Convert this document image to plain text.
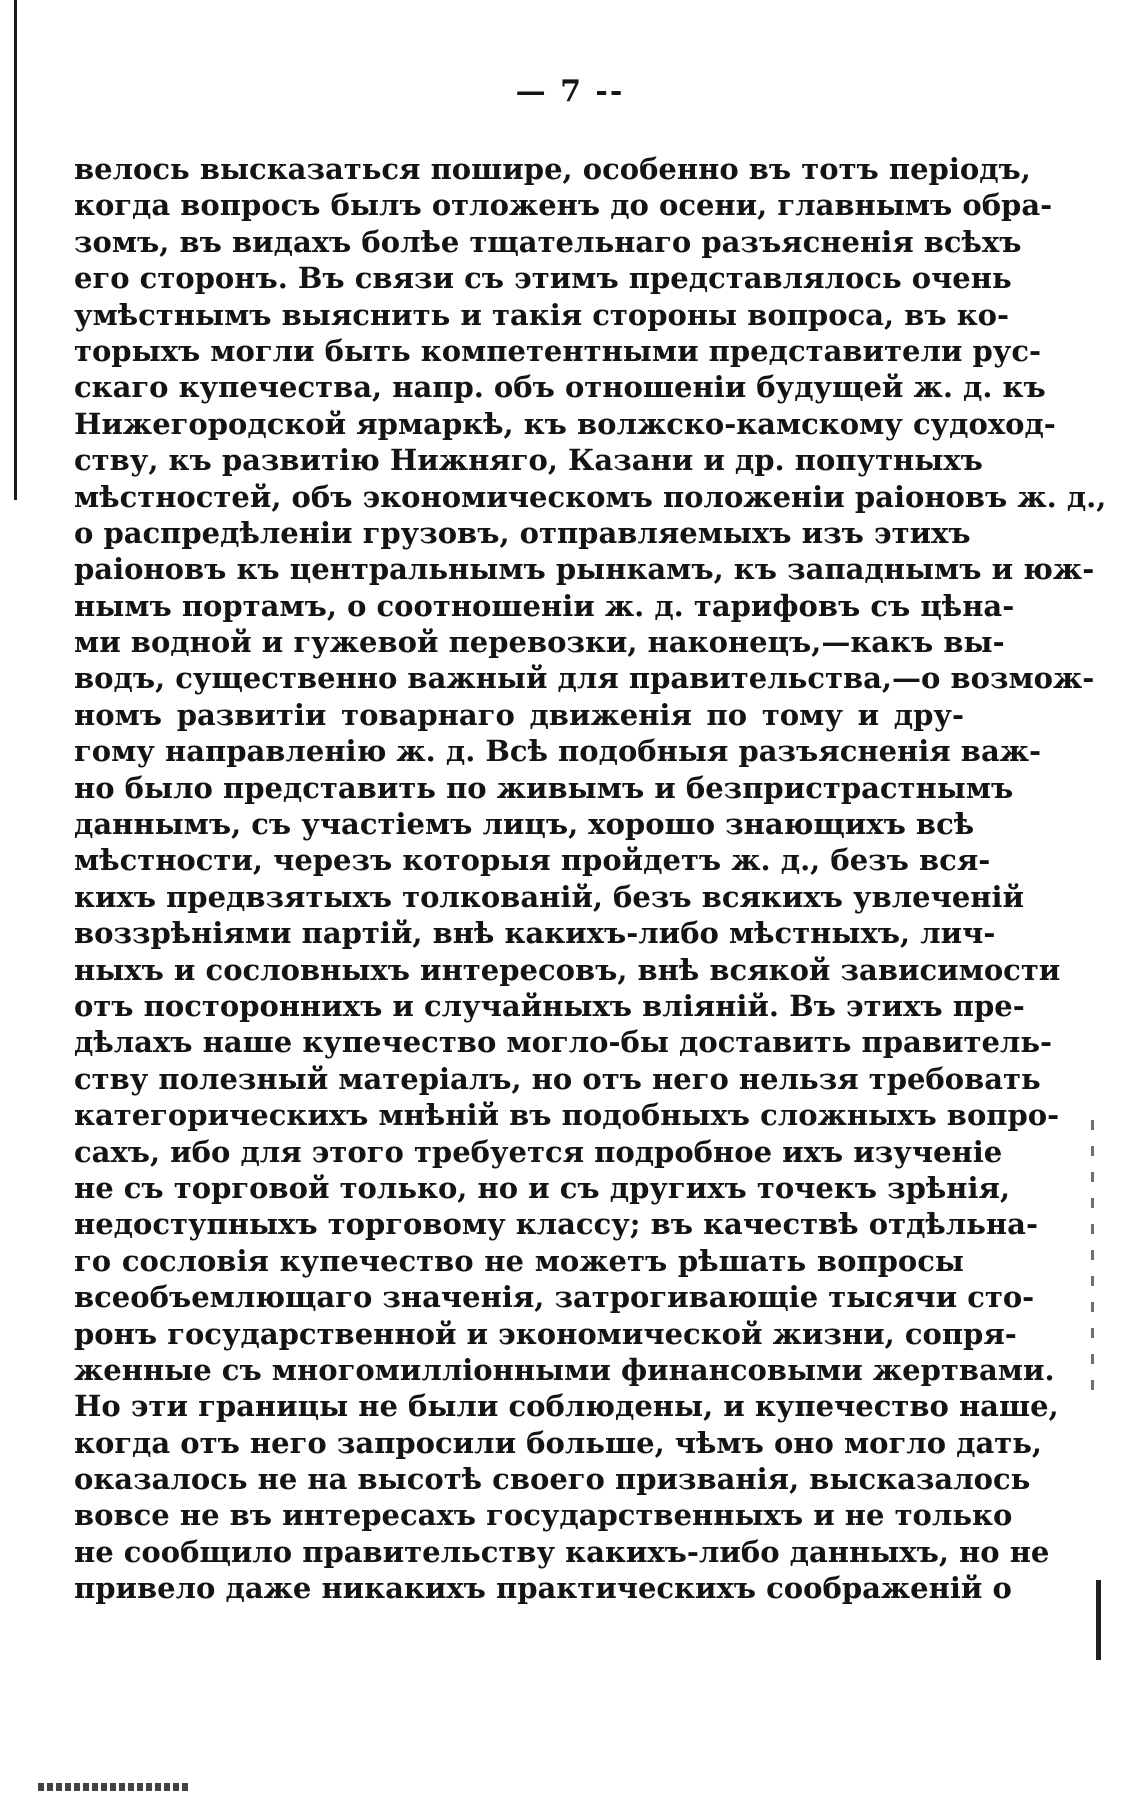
— 7 --
велось высказаться пошире, особенно въ тотъ перiодъ,
когда вопросъ былъ отложенъ до осени, главнымъ обра-
зомъ, въ видахъ болѣе тщательнаго разъясненiя всѣхъ
его сторонъ. Въ связи съ этимъ представлялось очень
умѣстнымъ выяснить и такiя стороны вопроса, въ ко-
торыхъ могли быть компетентными представители рус-
скаго купечества, напр. объ отношенiи будущей ж. д. къ
Нижегородской ярмаркѣ, къ волжско-камскому судоход-
ству, къ развитiю Нижняго, Казани и др. попутныхъ
мѣстностей, объ экономическомъ положенiи раiоновъ ж. д.,
о распредѣленiи грузовъ, отправляемыхъ изъ этихъ
раiоновъ къ центральнымъ рынкамъ, къ западнымъ и юж-
нымъ портамъ, о соотношенiи ж. д. тарифовъ съ цѣна-
ми водной и гужевой перевозки, наконецъ,—какъ вы-
водъ, существенно важный для правительства,—о возмож-
номъ развитiи товарнаго движенiя по тому и дру-
гому направленiю ж. д. Всѣ подобныя разъясненiя важ-
но было представить по живымъ и безпристрастнымъ
даннымъ, съ участiемъ лицъ, хорошо знающихъ всѣ
мѣстности, черезъ которыя пройдетъ ж. д., безъ вся-
кихъ предвзятыхъ толкованiй, безъ всякихъ увлеченiй
воззрѣнiями партiй, внѣ какихъ-либо мѣстныхъ, лич-
ныхъ и сословныхъ интересовъ, внѣ всякой зависимости
отъ постороннихъ и случайныхъ влiянiй. Въ этихъ пре-
дѣлахъ наше купечество могло-бы доставить правитель-
ству полезный матерiалъ, но отъ него нельзя требовать
категорическихъ мнѣнiй въ подобныхъ сложныхъ вопро-
сахъ, ибо для этого требуется подробное ихъ изученiе
не съ торговой только, но и съ другихъ точекъ зрѣнiя,
недоступныхъ торговому классу; въ качествѣ отдѣльна-
го сословiя купечество не можетъ рѣшать вопросы
всеобъемлющаго значенiя, затрогивающiе тысячи сто-
ронъ государственной и экономической жизни, сопря-
женные съ многомиллiонными финансовыми жертвами.
Но эти границы не были соблюдены, и купечество наше,
когда отъ него запросили больше, чѣмъ оно могло дать,
оказалось не на высотѣ своего призванiя, высказалось
вовсе не въ интересахъ государственныхъ и не только
не сообщило правительству какихъ-либо данныхъ, но не
привело даже никакихъ практическихъ соображенiй о
